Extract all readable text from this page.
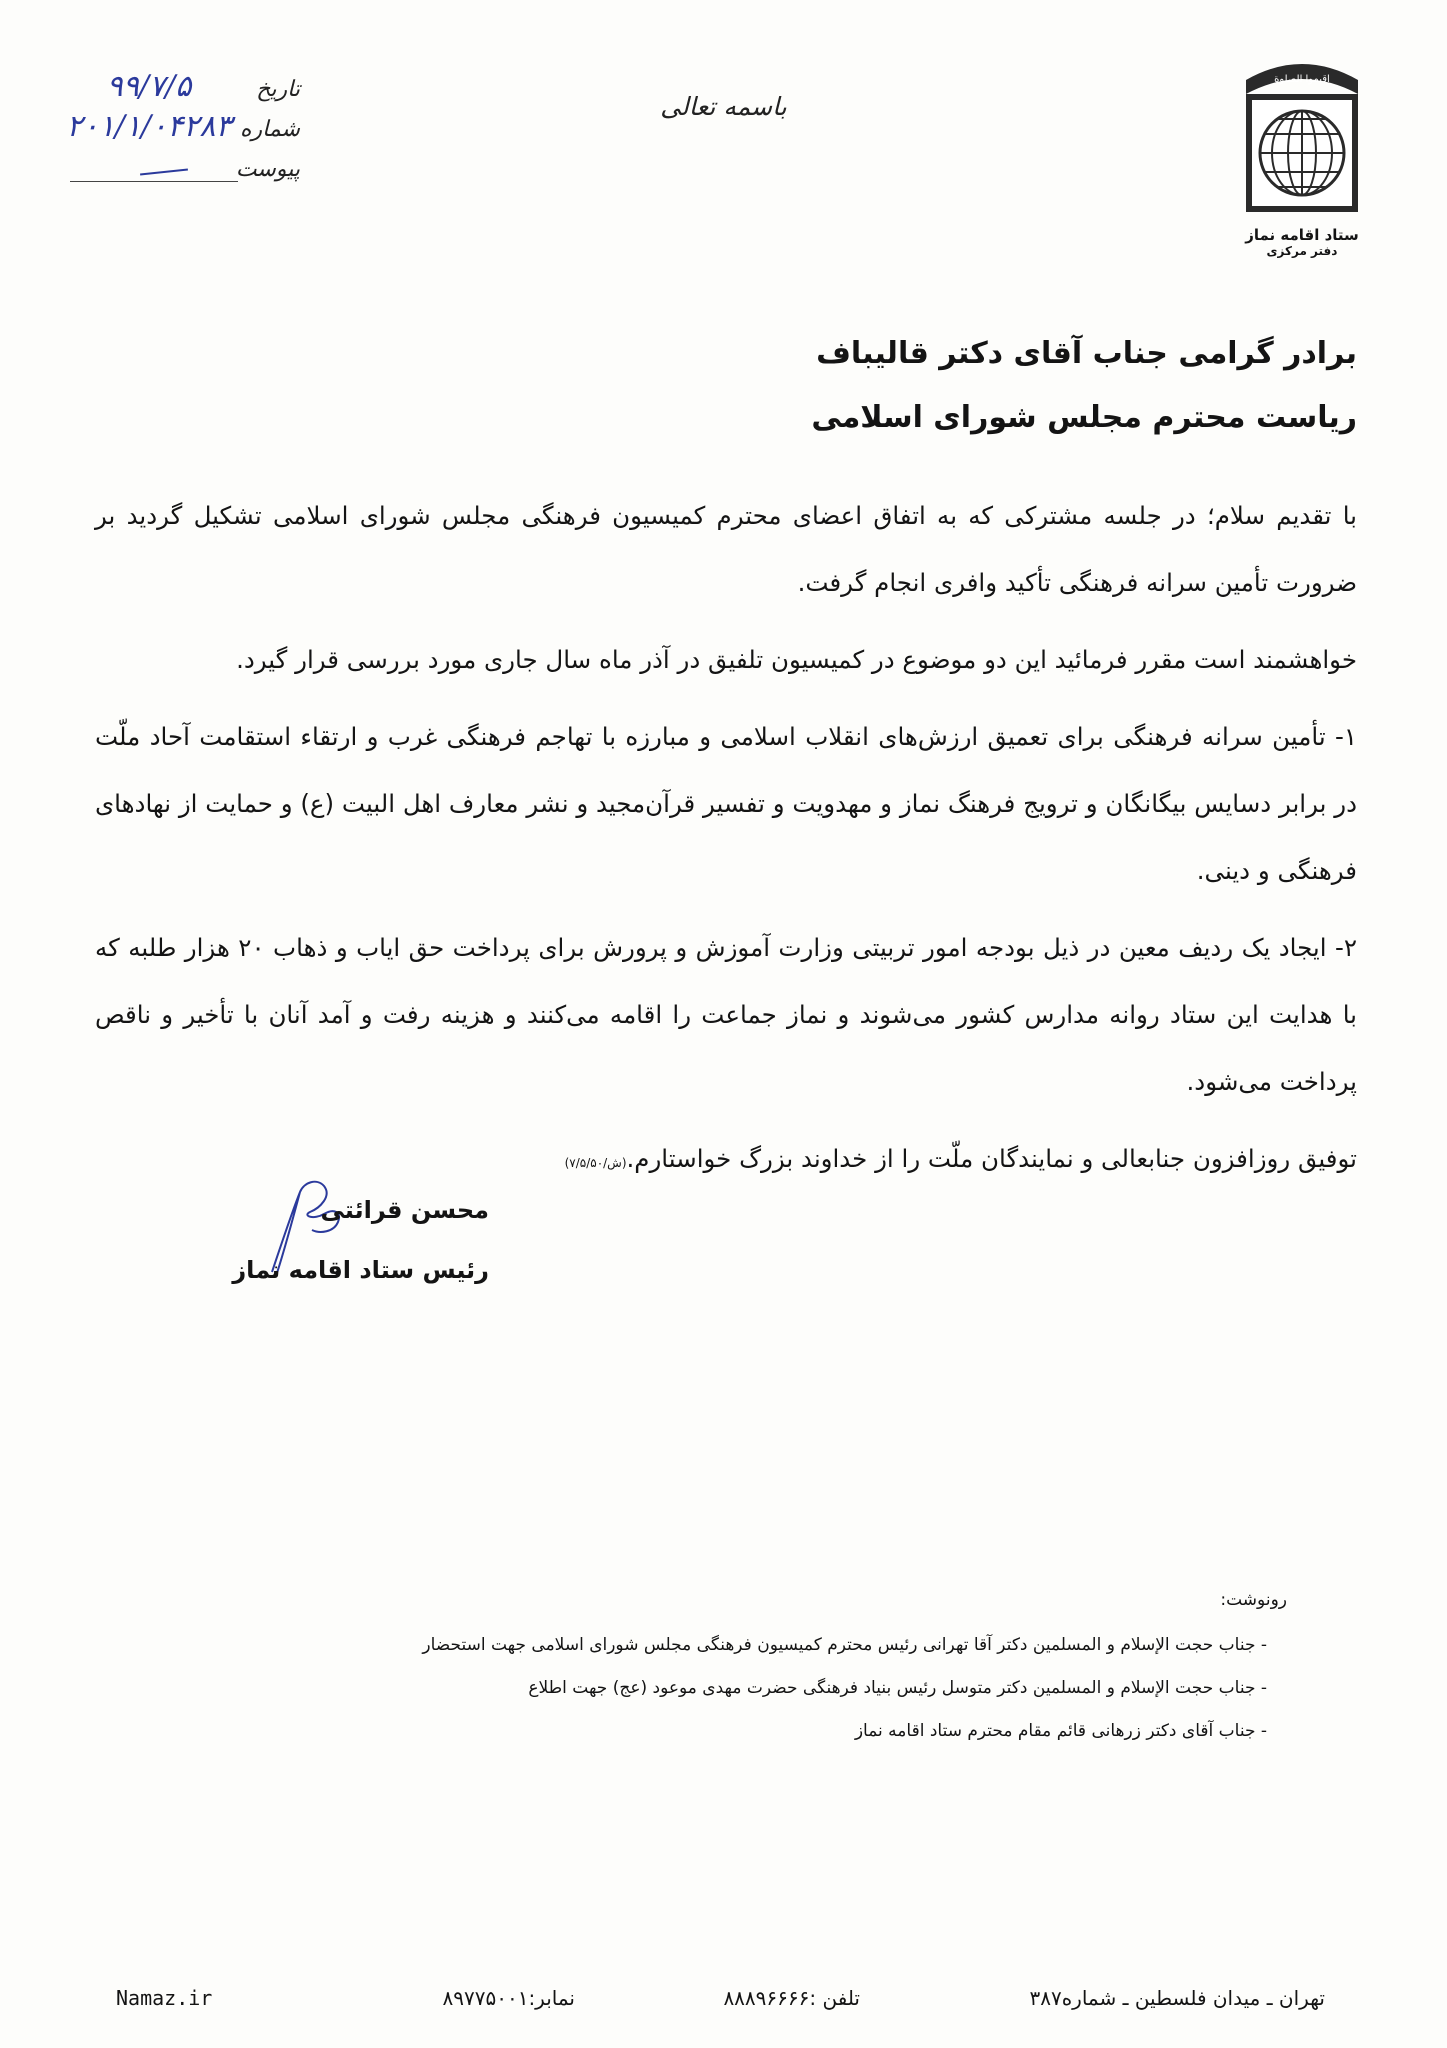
اقیموا الصلوة
ستاد اقامه نماز
دفتر مرکزی
باسمه تعالی
تاریخ
۹۹/۷/۵
شماره
۲۰۱/۱/۰۴۲۸۳
پیوست
برادر گرامی جناب آقای دکتر قالیباف
ریاست محترم مجلس شورای اسلامی

با تقدیم سلام؛ در جلسه مشترکی که به اتفاق اعضای محترم کمیسیون فرهنگی مجلس شورای اسلامی تشکیل گردید بر ضرورت تأمین سرانه فرهنگی تأکید وافری انجام گرفت.

خواهشمند است مقرر فرمائید این دو موضوع در کمیسیون تلفیق در آذر ماه سال جاری مورد بررسی قرار گیرد.

۱- تأمین سرانه فرهنگی برای تعمیق ارزش‌های انقلاب اسلامی و مبارزه با تهاجم فرهنگی غرب و ارتقاء استقامت آحاد ملّت در برابر دسایس بیگانگان و ترویج فرهنگ نماز و مهدویت و تفسیر قرآن‌مجید و نشر معارف اهل البیت (ع) و حمایت از نهادهای فرهنگی و دینی.

۲- ایجاد یک ردیف معین در ذیل بودجه امور تربیتی وزارت آموزش و پرورش برای پرداخت حق ایاب و ذهاب ۲۰ هزار طلبه که با هدایت این ستاد روانه مدارس کشور می‌شوند و نماز جماعت را اقامه می‌کنند و هزینه رفت و آمد آنان با تأخیر و ناقص پرداخت می‌شود.

توفیق روزافزون جنابعالی و نمایندگان ملّت را از خداوند بزرگ خواستارم.(ش/۷/۵/۵۰)

محسن قرائتی
رئیس ستاد اقامه نماز
رونوشت:
- جناب حجت الإسلام و المسلمین دکتر آقا تهرانی رئیس محترم کمیسیون فرهنگی مجلس شورای اسلامی جهت استحضار
- جناب حجت الإسلام و المسلمین دکتر متوسل رئیس بنیاد فرهنگی حضرت مهدی موعود (عج) جهت اطلاع
- جناب آقای دکتر زرهانی قائم مقام محترم ستاد اقامه نماز
تهران ـ میدان فلسطین ـ شماره۳۸۷
تلفن :۸۸۸۹۶۶۶۶
نمابر:۸۹۷۷۵۰۰۱
Namaz.ir
